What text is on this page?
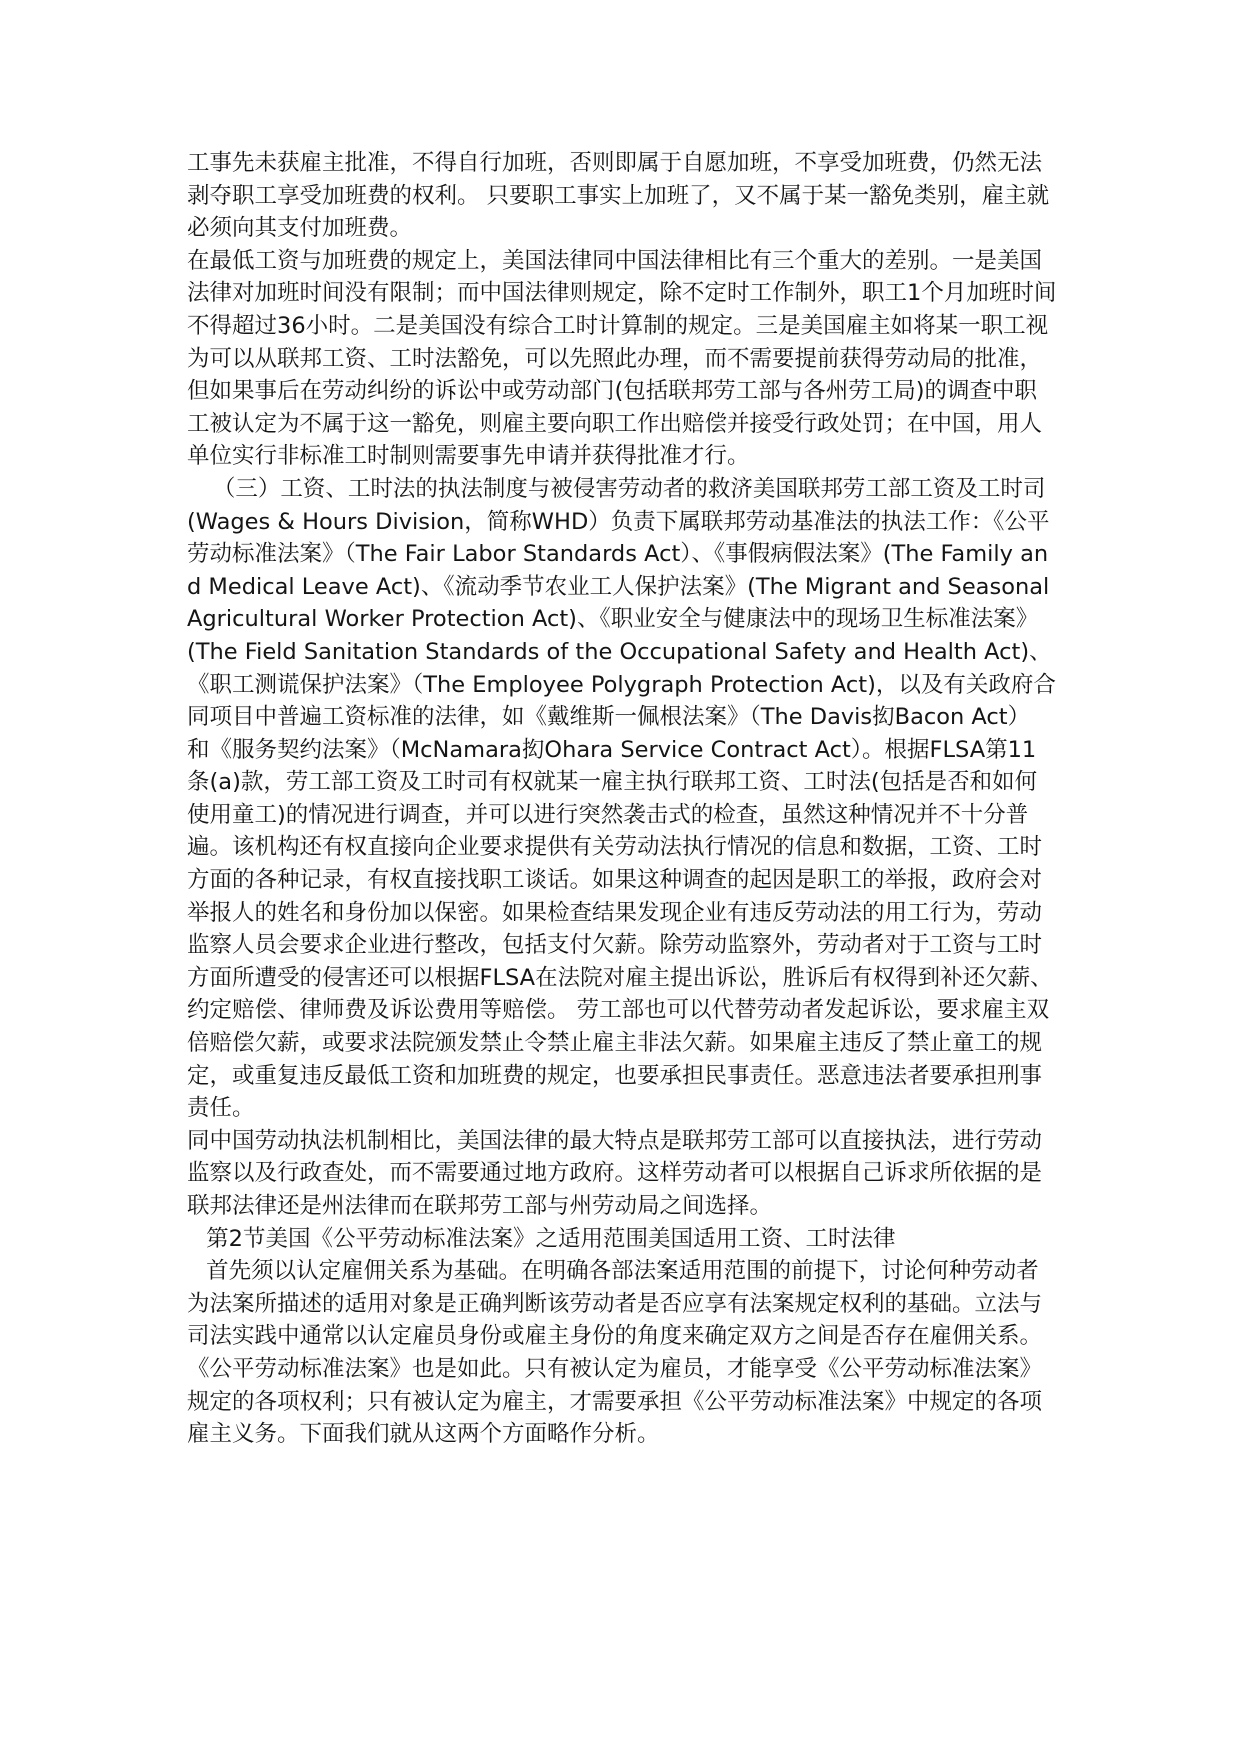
工事先未获雇主批准，不得自行加班，否则即属于自愿加班，不享受加班费，仍然无法剥夺职工享受加班费的权利。 只要职工事实上加班了，又不属于某一豁免类别，雇主就必须向其支付加班费。

在最低工资与加班费的规定上，美国法律同中国法律相比有三个重大的差别。一是美国法律对加班时间没有限制；而中国法律则规定，除不定时工作制外，职工1个月加班时间不得超过36小时。二是美国没有综合工时计算制的规定。三是美国雇主如将某一职工视为可以从联邦工资、工时法豁免，可以先照此办理，而不需要提前获得劳动局的批准，但如果事后在劳动纠纷的诉讼中或劳动部门(包括联邦劳工部与各州劳工局)的调查中职工被认定为不属于这一豁免，则雇主要向职工作出赔偿并接受行政处罚；在中国，用人单位实行非标准工时制则需要事先申请并获得批准才行。

（三）工资、工时法的执法制度与被侵害劳动者的救济美国联邦劳工部工资及工时司(Wages & Hours Division，简称WHD）负责下属联邦劳动基准法的执法工作：《公平劳动标准法案》（The Fair Labor Standards Act）、《事假病假法案》(The Family and Medical Leave Act)、《流动季节农业工人保护法案》(The Migrant and Seasonal Agricultural Worker Protection Act)、《职业安全与健康法中的现场卫生标准法案》(The Field Sanitation Standards of the Occupational Safety and Health Act)、《职工测谎保护法案》（The Employee Polygraph Protection Act)，以及有关政府合同项目中普遍工资标准的法律，如《戴维斯一佩根法案》（The Davis抝Bacon Act） 和《服务契约法案》（McNamara抝Ohara Service Contract Act）。根据FLSA第11条(a)款，劳工部工资及工时司有权就某一雇主执行联邦工资、工时法(包括是否和如何使用童工)的情况进行调查，并可以进行突然袭击式的检查，虽然这种情况并不十分普遍。该机构还有权直接向企业要求提供有关劳动法执行情况的信息和数据，工资、工时方面的各种记录，有权直接找职工谈话。如果这种调查的起因是职工的举报，政府会对举报人的姓名和身份加以保密。如果检查结果发现企业有违反劳动法的用工行为，劳动监察人员会要求企业进行整改，包括支付欠薪。除劳动监察外，劳动者对于工资与工时方面所遭受的侵害还可以根据FLSA在法院对雇主提出诉讼，胜诉后有权得到补还欠薪、约定赔偿、律师费及诉讼费用等赔偿。 劳工部也可以代替劳动者发起诉讼，要求雇主双倍赔偿欠薪，或要求法院颁发禁止令禁止雇主非法欠薪。如果雇主违反了禁止童工的规定，或重复违反最低工资和加班费的规定，也要承担民事责任。恶意违法者要承担刑事责任。

同中国劳动执法机制相比，美国法律的最大特点是联邦劳工部可以直接执法，进行劳动监察以及行政查处，而不需要通过地方政府。这样劳动者可以根据自己诉求所依据的是联邦法律还是州法律而在联邦劳工部与州劳动局之间选择。

第2节美国《公平劳动标准法案》之适用范围美国适用工资、工时法律

首先须以认定雇佣关系为基础。在明确各部法案适用范围的前提下，讨论何种劳动者为法案所描述的适用对象是正确判断该劳动者是否应享有法案规定权利的基础。立法与司法实践中通常以认定雇员身份或雇主身份的角度来确定双方之间是否存在雇佣关系。《公平劳动标准法案》也是如此。只有被认定为雇员，才能享受《公平劳动标准法案》规定的各项权利；只有被认定为雇主，才需要承担《公平劳动标准法案》中规定的各项雇主义务。下面我们就从这两个方面略作分析。
